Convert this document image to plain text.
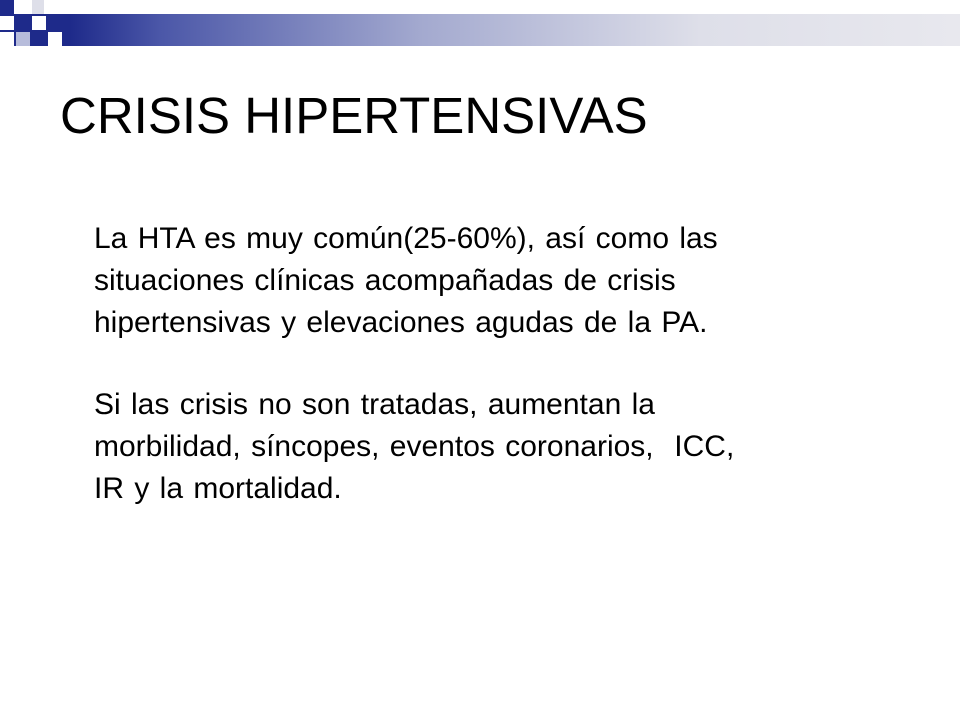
CRISIS HIPERTENSIVAS

La HTA es muy común(25-60%), así como las
situaciones clínicas acompañadas de crisis
hipertensivas y elevaciones agudas de la PA.

Si las crisis no son tratadas, aumentan la
morbilidad, síncopes, eventos coronarios,  ICC,
IR y la mortalidad.
